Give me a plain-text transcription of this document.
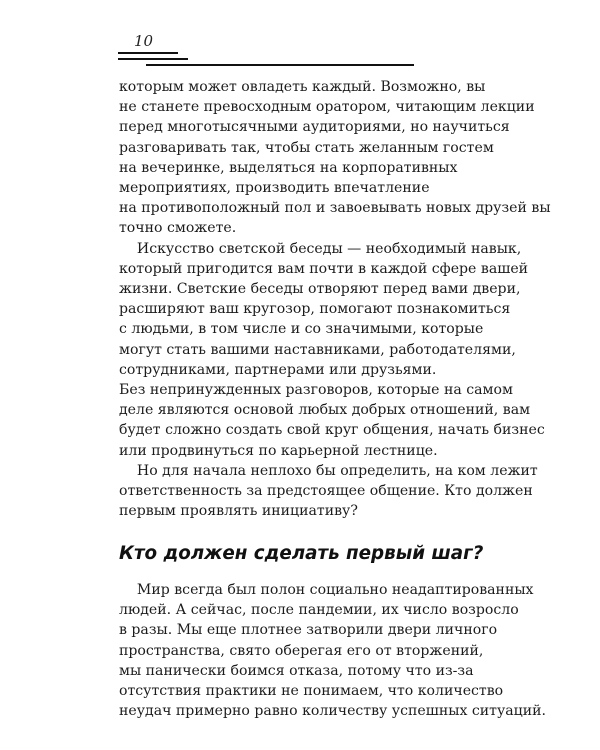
10
которым может овладеть каждый. Возможно, вы
не станете превосходным оратором, читающим лекции
перед многотысячными аудиториями, но научиться
разговаривать так, чтобы стать желанным гостем
на вечеринке, выделяться на корпоративных
мероприятиях, производить впечатление
на противоположный пол и завоевывать новых друзей вы
точно сможете.
Искусство светской беседы — необходимый навык,
который пригодится вам почти в каждой сфере вашей
жизни. Светские беседы отворяют перед вами двери,
расширяют ваш кругозор, помогают познакомиться
с людьми, в том числе и со значимыми, которые
могут стать вашими наставниками, работодателями,
сотрудниками, партнерами или друзьями.
Без непринужденных разговоров, которые на самом
деле являются основой любых добрых отношений, вам
будет сложно создать свой круг общения, начать бизнес
или продвинуться по карьерной лестнице.
Но для начала неплохо бы определить, на ком лежит
ответственность за предстоящее общение. Кто должен
первым проявлять инициативу?
Кто должен сделать первый шаг?
Мир всегда был полон социально неадаптированных
людей. А сейчас, после пандемии, их число возросло
в разы. Мы еще плотнее затворили двери личного
пространства, свято оберегая его от вторжений,
мы панически боимся отказа, потому что из-за
отсутствия практики не понимаем, что количество
неудач примерно равно количеству успешных ситуаций.
